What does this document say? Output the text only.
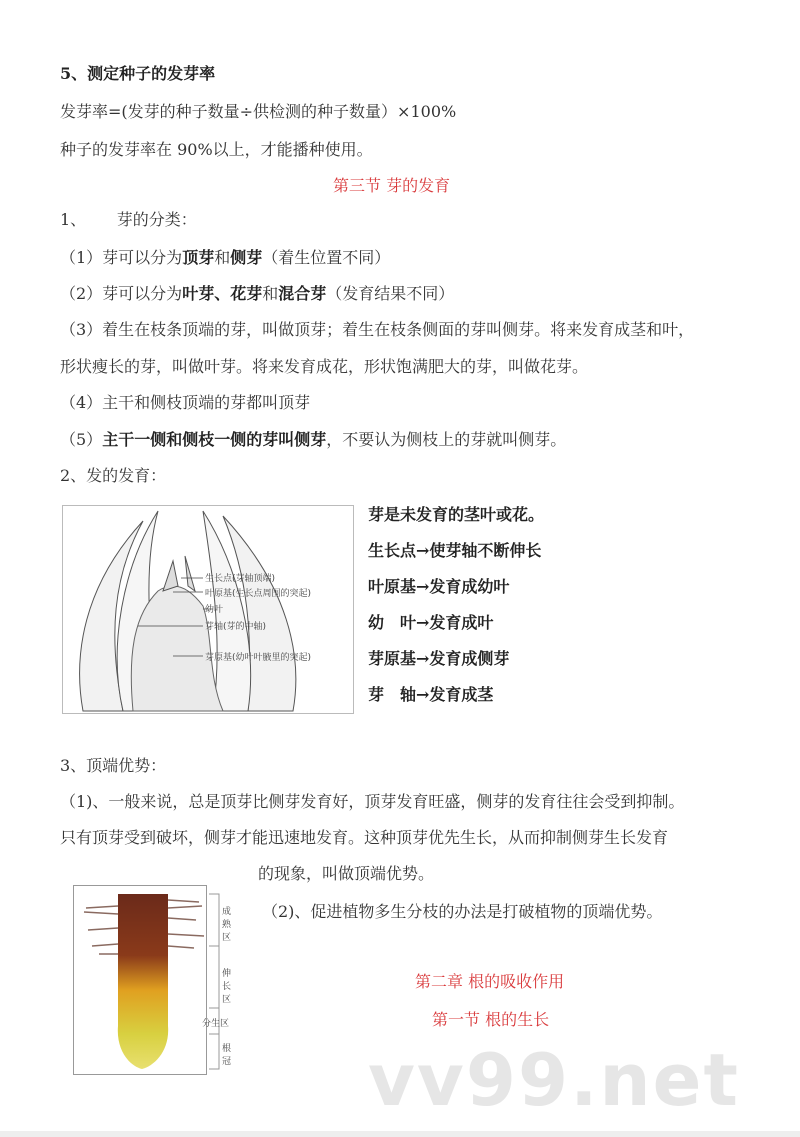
5、测定种子的发芽率
发芽率=(发芽的种子数量÷供检测的种子数量）×100%
种子的发芽率在 90%以上，才能播种使用。
第三节 芽的发育
1、      芽的分类：
（1）芽可以分为顶芽和侧芽（着生位置不同）
（2）芽可以分为叶芽、花芽和混合芽（发育结果不同）
（3）着生在枝条顶端的芽，叫做顶芽；着生在枝条侧面的芽叫侧芽。将来发育成茎和叶，
形状瘦长的芽，叫做叶芽。将来发育成花，形状饱满肥大的芽，叫做花芽。
（4）主干和侧枝顶端的芽都叫顶芽
（5）主干一侧和侧枝一侧的芽叫侧芽，不要认为侧枝上的芽就叫侧芽。
2、发的发育：
生长点(芽轴顶端)
叶原基(生长点周围的突起)
幼叶
芽轴(芽的中轴)
芽原基(幼叶叶腋里的突起)
芽是未发育的茎叶或花。
生长点→使芽轴不断伸长
叶原基→发育成幼叶
幼　叶→发育成叶
芽原基→发育成侧芽
芽　轴→发育成茎
3、顶端优势：
（1)、一般来说，总是顶芽比侧芽发育好，顶芽发育旺盛，侧芽的发育往往会受到抑制。
只有顶芽受到破坏，侧芽才能迅速地发育。这种顶芽优先生长，从而抑制侧芽生长发育
的现象，叫做顶端优势。
（2)、促进植物多生分枝的办法是打破植物的顶端优势。
成熟区
伸长区
分生区
根冠
第二章 根的吸收作用
第一节 根的生长
vv99.net
